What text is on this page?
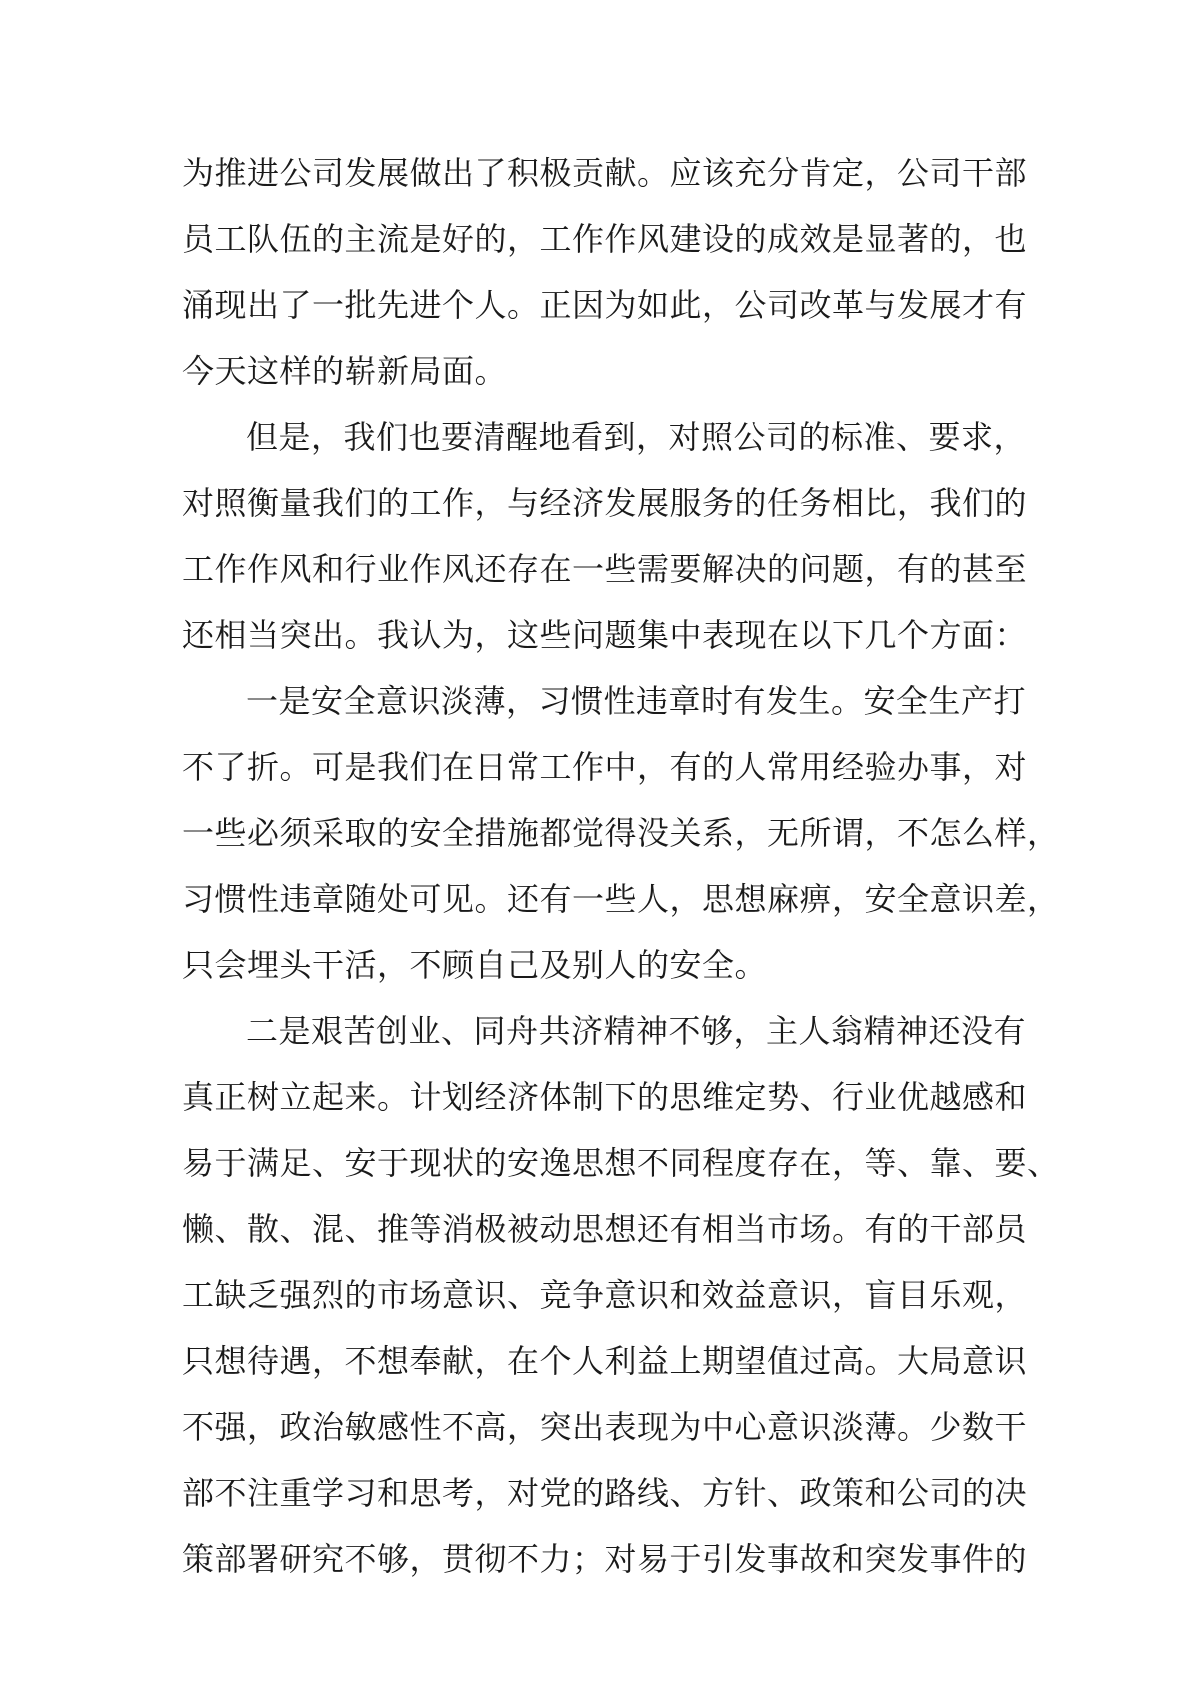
为推进公司发展做出了积极贡献。应该充分肯定，公司干部
员工队伍的主流是好的，工作作风建设的成效是显著的，也
涌现出了一批先进个人。正因为如此，公司改革与发展才有
今天这样的崭新局面。
但是，我们也要清醒地看到，对照公司的标准、要求，
对照衡量我们的工作，与经济发展服务的任务相比，我们的
工作作风和行业作风还存在一些需要解决的问题，有的甚至
还相当突出。我认为，这些问题集中表现在以下几个方面：
一是安全意识淡薄，习惯性违章时有发生。安全生产打
不了折。可是我们在日常工作中，有的人常用经验办事，对
一些必须采取的安全措施都觉得没关系，无所谓，不怎么样，
习惯性违章随处可见。还有一些人，思想麻痹，安全意识差，
只会埋头干活，不顾自己及别人的安全。
二是艰苦创业、同舟共济精神不够，主人翁精神还没有
真正树立起来。计划经济体制下的思维定势、行业优越感和
易于满足、安于现状的安逸思想不同程度存在，等、靠、要、
懒、散、混、推等消极被动思想还有相当市场。有的干部员
工缺乏强烈的市场意识、竞争意识和效益意识，盲目乐观，
只想待遇，不想奉献，在个人利益上期望值过高。大局意识
不强，政治敏感性不高，突出表现为中心意识淡薄。少数干
部不注重学习和思考，对党的路线、方针、政策和公司的决
策部署研究不够，贯彻不力；对易于引发事故和突发事件的
